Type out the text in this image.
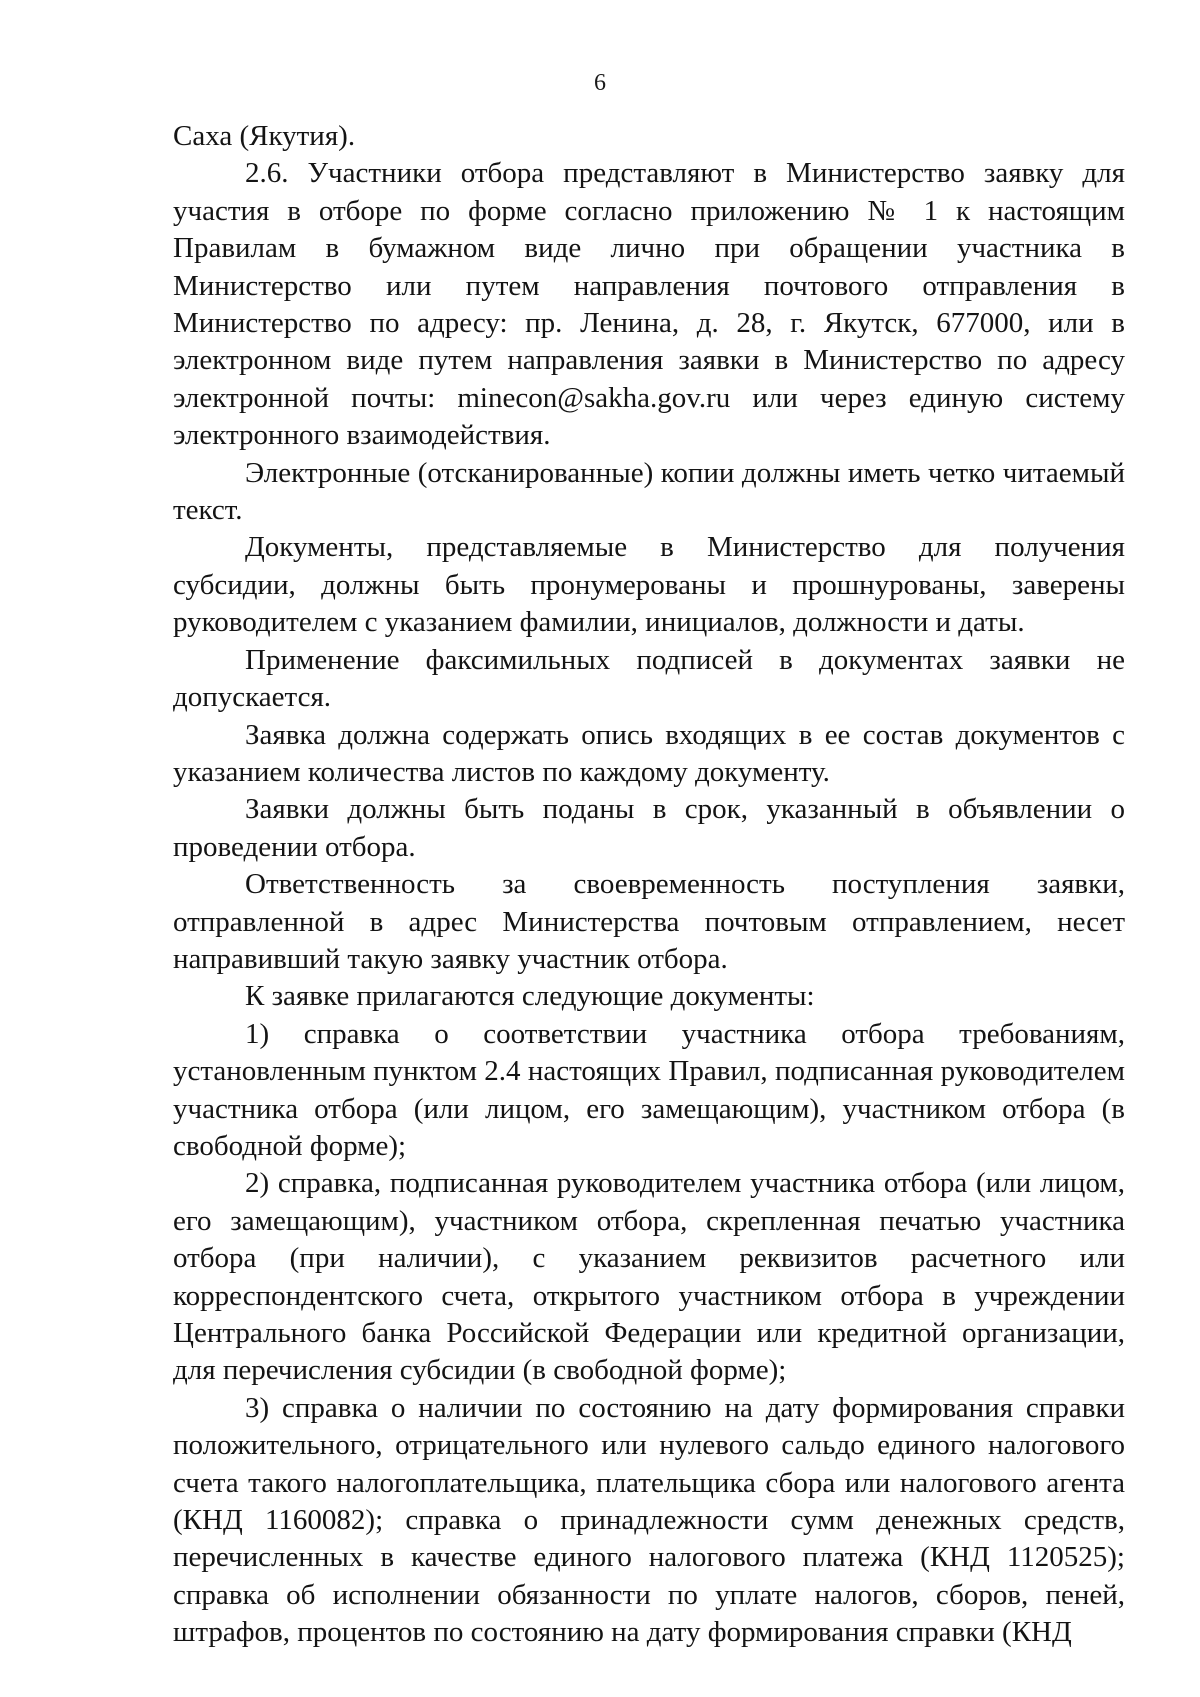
6

Саха (Якутия).

2.6. Участники отбора представляют в Министерство заявку для участия в отборе по форме согласно приложению № 1 к настоящим Правилам в бумажном виде лично при обращении участника в Министерство или путем направления почтового отправления в Министерство по адресу: пр. Ленина, д. 28, г. Якутск, 677000, или в электронном виде путем направления заявки в Министерство по адресу электронной почты: minecon@sakha.gov.ru или через единую систему электронного взаимодействия.

Электронные (отсканированные) копии должны иметь четко читаемый текст.

Документы, представляемые в Министерство для получения субсидии, должны быть пронумерованы и прошнурованы, заверены руководителем с указанием фамилии, инициалов, должности и даты.

Применение факсимильных подписей в документах заявки не допускается.

Заявка должна содержать опись входящих в ее состав документов с указанием количества листов по каждому документу.

Заявки должны быть поданы в срок, указанный в объявлении о проведении отбора.

Ответственность за своевременность поступления заявки, отправленной в адрес Министерства почтовым отправлением, несет направивший такую заявку участник отбора.

К заявке прилагаются следующие документы:

1) справка о соответствии участника отбора требованиям, установленным пунктом 2.4 настоящих Правил, подписанная руководителем участника отбора (или лицом, его замещающим), участником отбора (в свободной форме);

2) справка, подписанная руководителем участника отбора (или лицом, его замещающим), участником отбора, скрепленная печатью участника отбора (при наличии), с указанием реквизитов расчетного или корреспондентского счета, открытого участником отбора в учреждении Центрального банка Российской Федерации или кредитной организации, для перечисления субсидии (в свободной форме);

3) справка о наличии по состоянию на дату формирования справки положительного, отрицательного или нулевого сальдо единого налогового счета такого налогоплательщика, плательщика сбора или налогового агента (КНД 1160082); справка о принадлежности сумм денежных средств, перечисленных в качестве единого налогового платежа (КНД 1120525); справка об исполнении обязанности по уплате налогов, сборов, пеней, штрафов, процентов по состоянию на дату формирования справки (КНД
